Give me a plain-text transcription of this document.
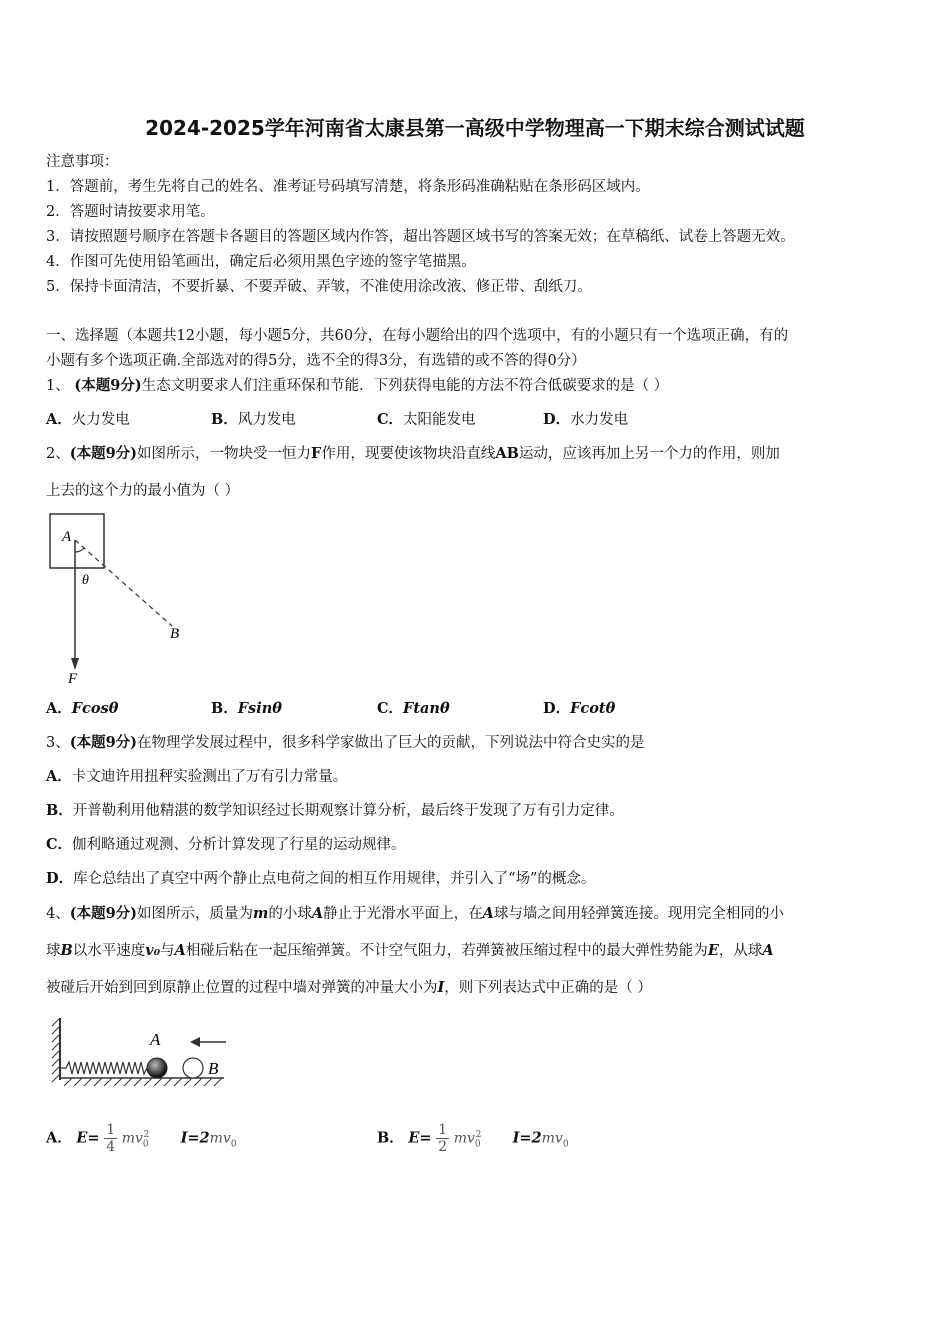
2024-2025学年河南省太康县第一高级中学物理高一下期末综合测试试题
注意事项：
1．答题前，考生先将自己的姓名、准考证号码填写清楚，将条形码准确粘贴在条形码区域内。
2．答题时请按要求用笔。
3．请按照题号顺序在答题卡各题目的答题区域内作答，超出答题区域书写的答案无效；在草稿纸、试卷上答题无效。
4．作图可先使用铅笔画出，确定后必须用黑色字迹的签字笔描黑。
5．保持卡面清洁，不要折暴、不要弄破、弄皱，不准使用涂改液、修正带、刮纸刀。
一、选择题（本题共12小题，每小题5分，共60分，在每小题给出的四个选项中，有的小题只有一个选项正确，有的
小题有多个选项正确.全部选对的得5分，选不全的得3分，有选错的或不答的得0分）
1、 (本题9分)生态文明要求人们注重环保和节能．下列获得电能的方法不符合低碳要求的是（ ）
A．火力发电	B．风力发电	C．太阳能发电	D．水力发电
2、(本题9分)如图所示，一物块受一恒力F作用，现要使该物块沿直线AB运动，应该再加上另一个力的作用，则加
上去的这个力的最小值为（ ）
A
θ
B
F
A．Fcosθ	B．Fsinθ	C．Ftanθ	D．Fcotθ
3、(本题9分)在物理学发展过程中，很多科学家做出了巨大的贡献，下列说法中符合史实的是
A．卡文迪许用扭秤实验测出了万有引力常量。
B．开普勒利用他精湛的数学知识经过长期观察计算分析，最后终于发现了万有引力定律。
C．伽利略通过观测、分析计算发现了行星的运动规律。
D．库仑总结出了真空中两个静止点电荷之间的相互作用规律，并引入了“场”的概念。
4、(本题9分)如图所示，质量为m的小球A静止于光滑水平面上，在A球与墙之间用轻弹簧连接。现用完全相同的小
球B以水平速度v₀与A相碰后粘在一起压缩弹簧。不计空气阻力，若弹簧被压缩过程中的最大弹性势能为E，从球A
被碰后开始到回到原静止位置的过程中墙对弹簧的冲量大小为I，则下列表达式中正确的是（ ）
A
B
A． $E= \frac{1}{4} mv_0^2$ $I=2mv_0$	B． $E= \frac{1}{2} mv_0^2$ $I=2mv_0$
